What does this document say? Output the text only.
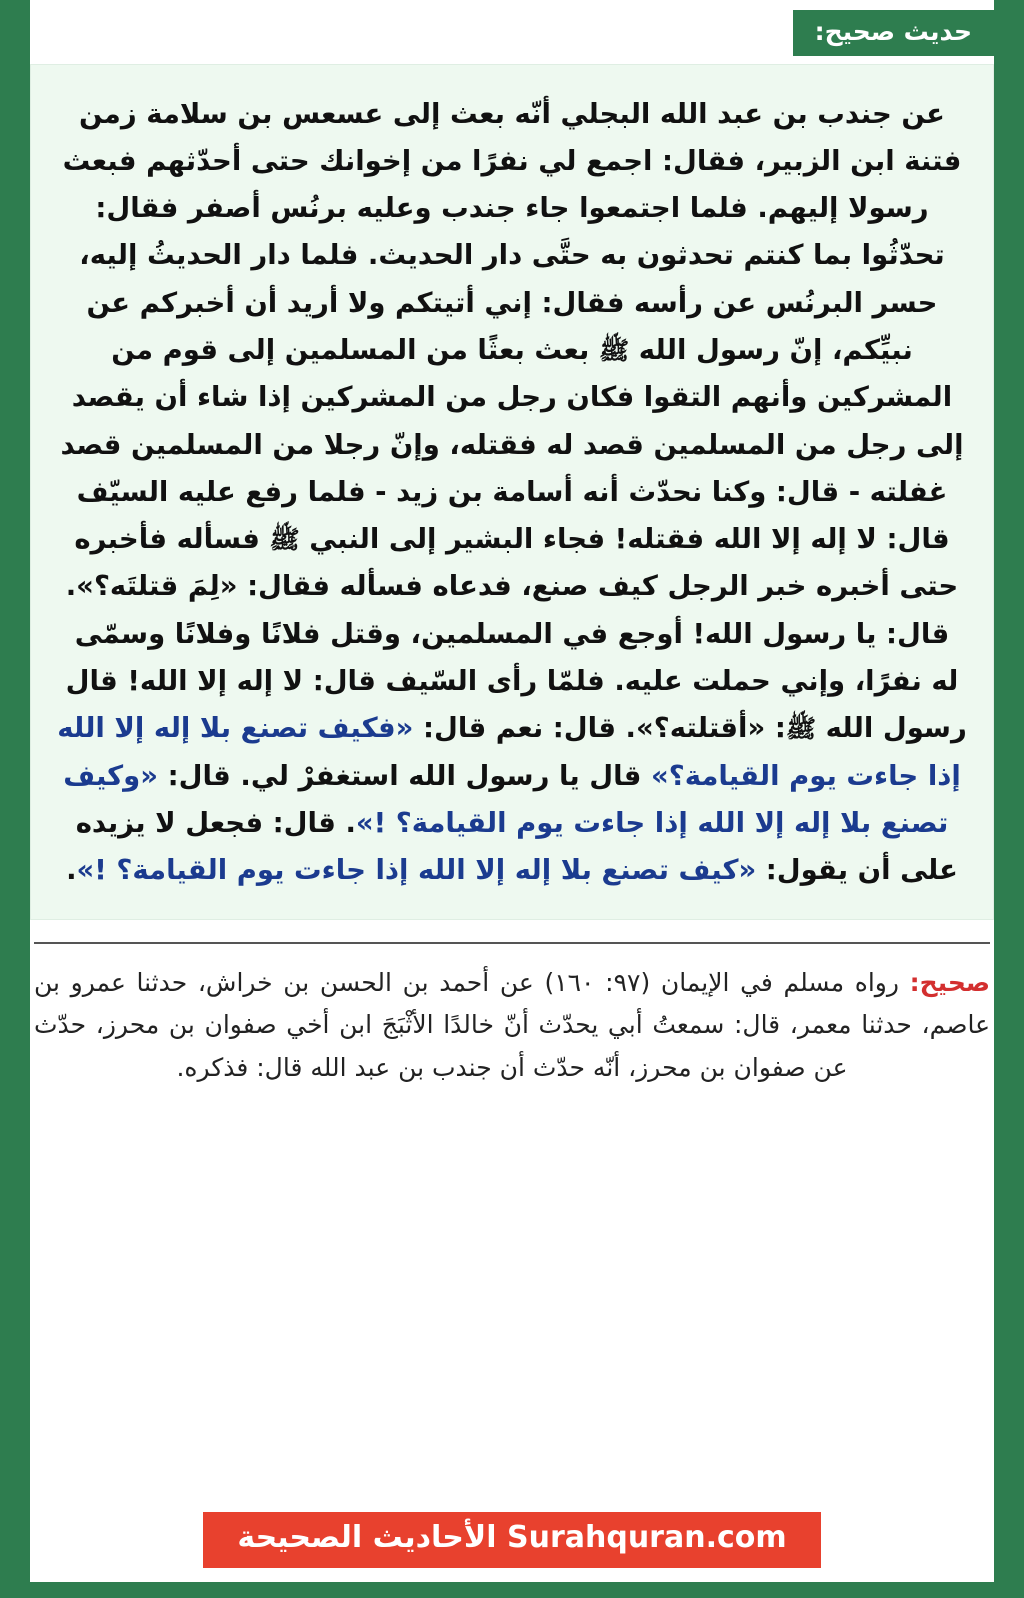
حديث صحيح:

عن جندب بن عبد الله البجلي أنّه بعث إلى عسعس بن سلامة زمن فتنة ابن الزبير، فقال: اجمع لي نفرًا من إخوانك حتى أحدّثهم فبعث رسولا إليهم. فلما اجتمعوا جاء جندب وعليه برنُس أصفر فقال: تحدّثُوا بما كنتم تحدثون به حتَّى دار الحديث. فلما دار الحديثُ إليه، حسر البرنُس عن رأسه فقال: إني أتيتكم ولا أريد أن أخبركم عن نبيِّكم، إنّ رسول الله ﷺ بعث بعثًا من المسلمين إلى قوم من المشركين وأنهم التقوا فكان رجل من المشركين إذا شاء أن يقصد إلى رجل من المسلمين قصد له فقتله، وإنّ رجلا من المسلمين قصد غفلته - قال: وكنا نحدّث أنه أسامة بن زيد - فلما رفع عليه السيّف قال: لا إله إلا الله فقتله! فجاء البشير إلى النبي ﷺ فسأله فأخبره حتى أخبره خبر الرجل كيف صنع، فدعاه فسأله فقال: «لِمَ قتلتَه؟». قال: يا رسول الله! أوجع في المسلمين، وقتل فلانًا وفلانًا وسمّى له نفرًا، وإني حملت عليه. فلمّا رأى السّيف قال: لا إله إلا الله! قال رسول الله ﷺ: «أقتلته؟». قال: نعم قال: «فكيف تصنع بلا إله إلا الله إذا جاءت يوم القيامة؟» قال يا رسول الله استغفرْ لي. قال: «وكيف تصنع بلا إله إلا الله إذا جاءت يوم القيامة؟ !». قال: فجعل لا يزيده على أن يقول: «كيف تصنع بلا إله إلا الله إذا جاءت يوم القيامة؟ !».

صحيح: رواه مسلم في الإيمان (٩٧: ١٦٠) عن أحمد بن الحسن بن خراش، حدثنا عمرو بن عاصم، حدثنا معمر، قال: سمعتُ أبي يحدّث أنّ خالدًا الأثْبَجَ ابن أخي صفوان بن محرز، حدّث عن صفوان بن محرز، أنّه حدّث أن جندب بن عبد الله قال: فذكره.

Surahquran.com الأحاديث الصحيحة
